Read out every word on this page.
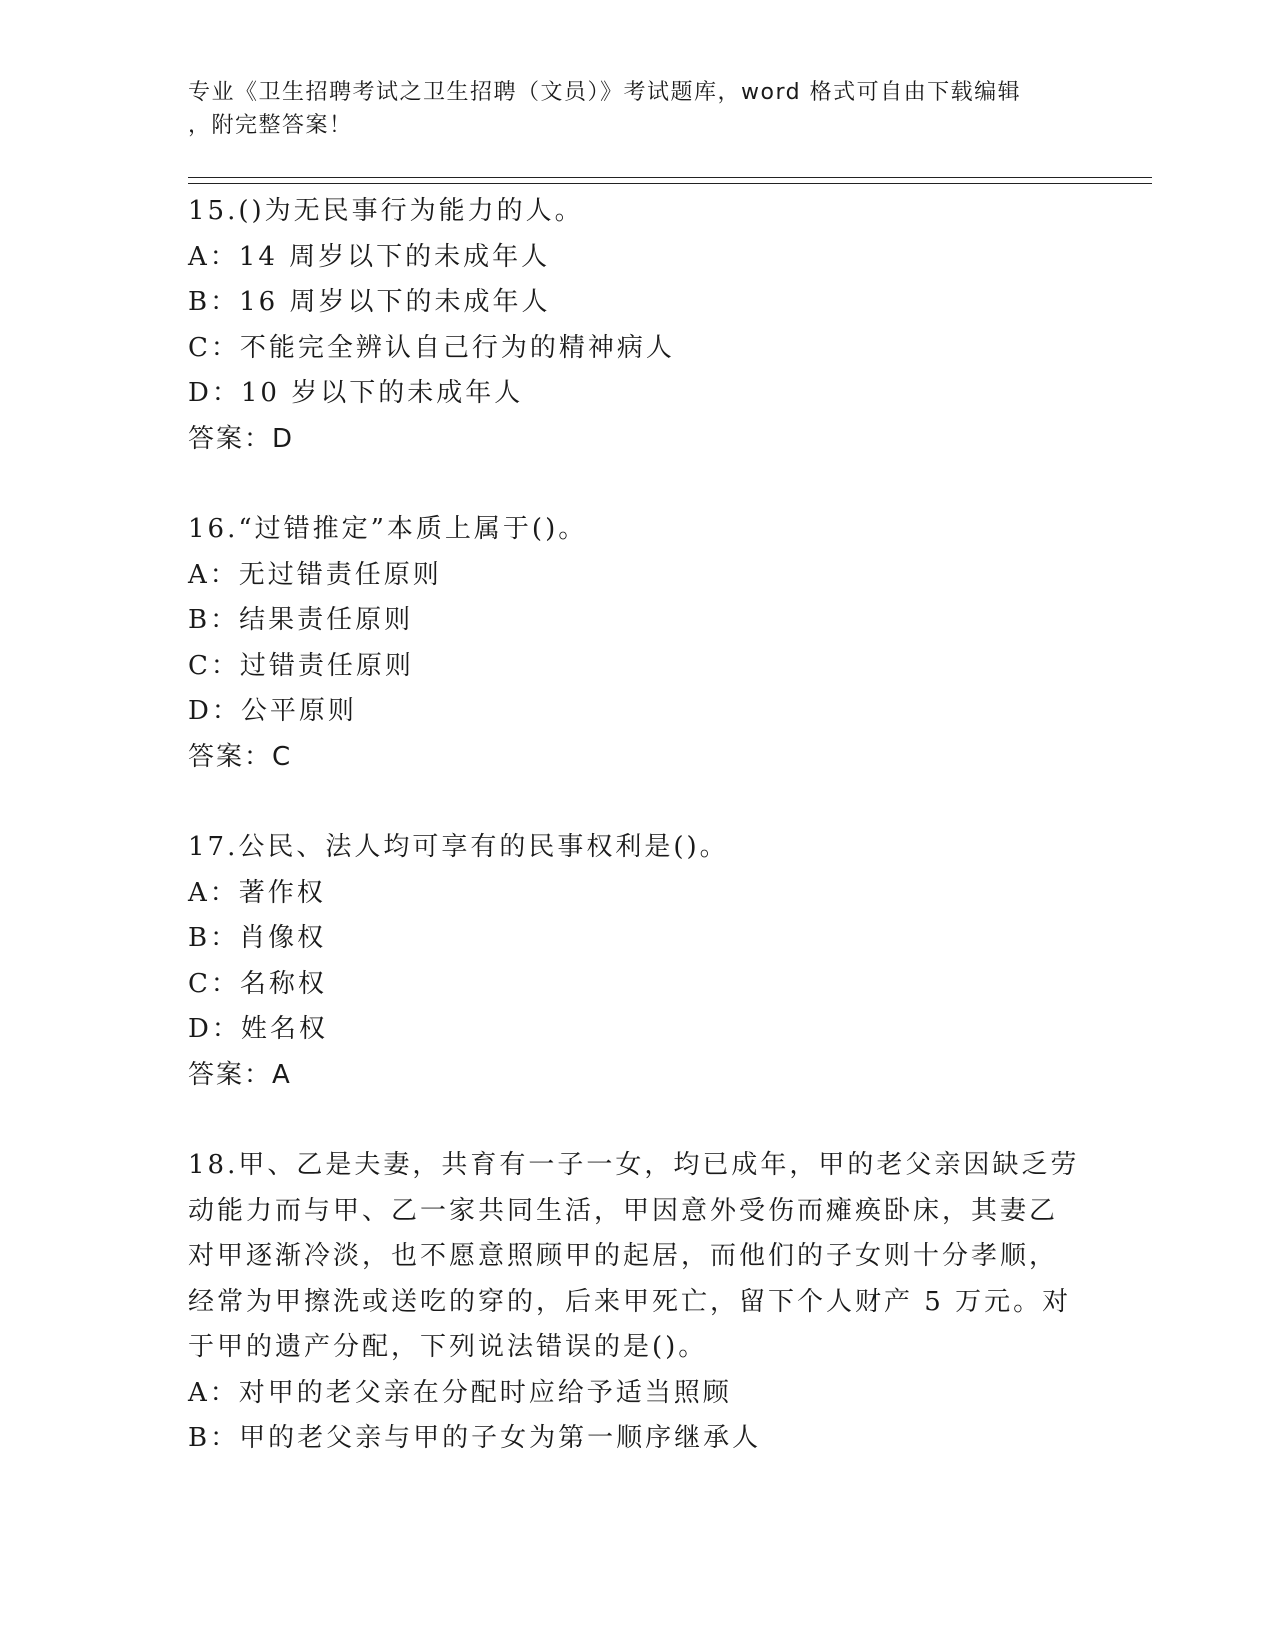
专业《卫生招聘考试之卫生招聘（文员）》考试题库，word 格式可自由下载编辑
，附完整答案！
15.()为无民事行为能力的人。
A：14 周岁以下的未成年人
B：16 周岁以下的未成年人
C：不能完全辨认自己行为的精神病人
D：10 岁以下的未成年人
答案：D
16.“过错推定”本质上属于()。
A：无过错责任原则
B：结果责任原则
C：过错责任原则
D：公平原则
答案：C
17.公民、法人均可享有的民事权利是()。
A：著作权
B：肖像权
C：名称权
D：姓名权
答案：A
18.甲、乙是夫妻，共育有一子一女，均已成年，甲的老父亲因缺乏劳
动能力而与甲、乙一家共同生活，甲因意外受伤而瘫痪卧床，其妻乙
对甲逐渐冷淡，也不愿意照顾甲的起居，而他们的子女则十分孝顺，
经常为甲擦洗或送吃的穿的，后来甲死亡，留下个人财产 5 万元。对
于甲的遗产分配，下列说法错误的是()。
A：对甲的老父亲在分配时应给予适当照顾
B：甲的老父亲与甲的子女为第一顺序继承人
